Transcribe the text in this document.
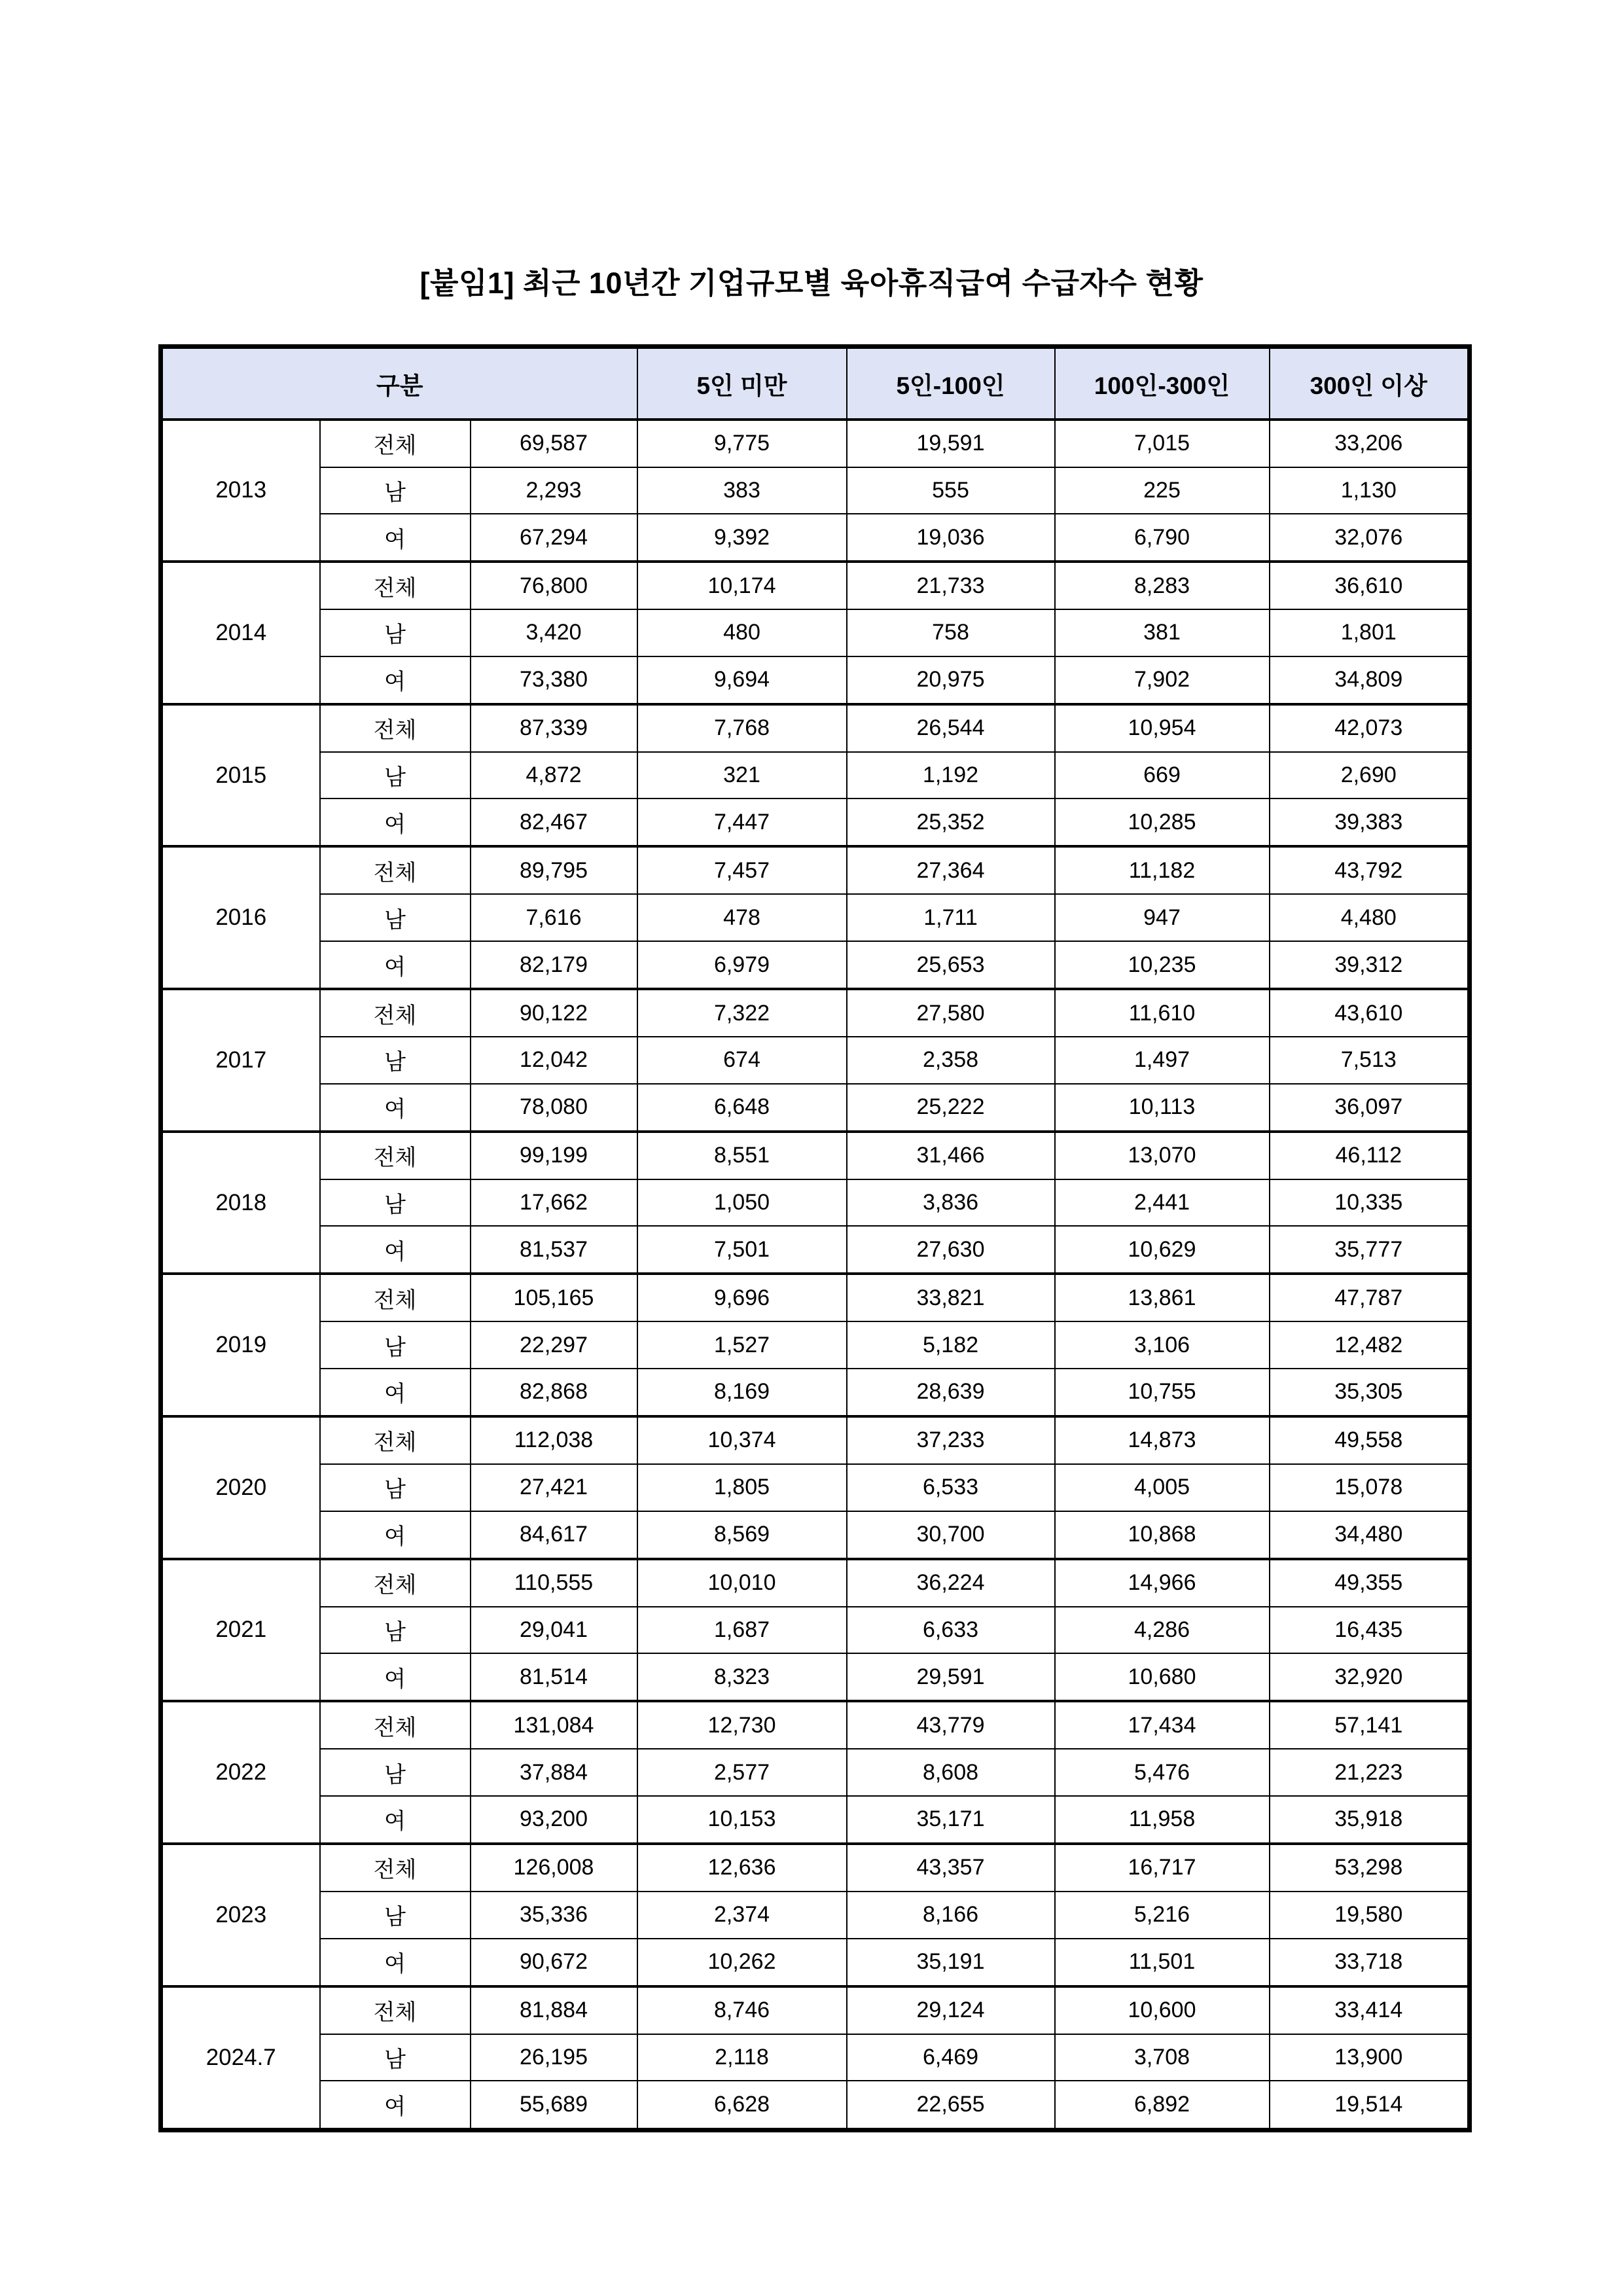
[붙임1] 최근 10년간 기업규모별 육아휴직급여 수급자수 현황
구분			5인 미만	5인-100인	100인-300인	300인 이상
2013	전체	69,587	9,775	19,591	7,015	33,206
	남	2,293	383	555	225	1,130
	여	67,294	9,392	19,036	6,790	32,076
2014	전체	76,800	10,174	21,733	8,283	36,610
	남	3,420	480	758	381	1,801
	여	73,380	9,694	20,975	7,902	34,809
2015	전체	87,339	7,768	26,544	10,954	42,073
	남	4,872	321	1,192	669	2,690
	여	82,467	7,447	25,352	10,285	39,383
2016	전체	89,795	7,457	27,364	11,182	43,792
	남	7,616	478	1,711	947	4,480
	여	82,179	6,979	25,653	10,235	39,312
2017	전체	90,122	7,322	27,580	11,610	43,610
	남	12,042	674	2,358	1,497	7,513
	여	78,080	6,648	25,222	10,113	36,097
2018	전체	99,199	8,551	31,466	13,070	46,112
	남	17,662	1,050	3,836	2,441	10,335
	여	81,537	7,501	27,630	10,629	35,777
2019	전체	105,165	9,696	33,821	13,861	47,787
	남	22,297	1,527	5,182	3,106	12,482
	여	82,868	8,169	28,639	10,755	35,305
2020	전체	112,038	10,374	37,233	14,873	49,558
	남	27,421	1,805	6,533	4,005	15,078
	여	84,617	8,569	30,700	10,868	34,480
2021	전체	110,555	10,010	36,224	14,966	49,355
	남	29,041	1,687	6,633	4,286	16,435
	여	81,514	8,323	29,591	10,680	32,920
2022	전체	131,084	12,730	43,779	17,434	57,141
	남	37,884	2,577	8,608	5,476	21,223
	여	93,200	10,153	35,171	11,958	35,918
2023	전체	126,008	12,636	43,357	16,717	53,298
	남	35,336	2,374	8,166	5,216	19,580
	여	90,672	10,262	35,191	11,501	33,718
2024.7	전체	81,884	8,746	29,124	10,600	33,414
	남	26,195	2,118	6,469	3,708	13,900
	여	55,689	6,628	22,655	6,892	19,514
